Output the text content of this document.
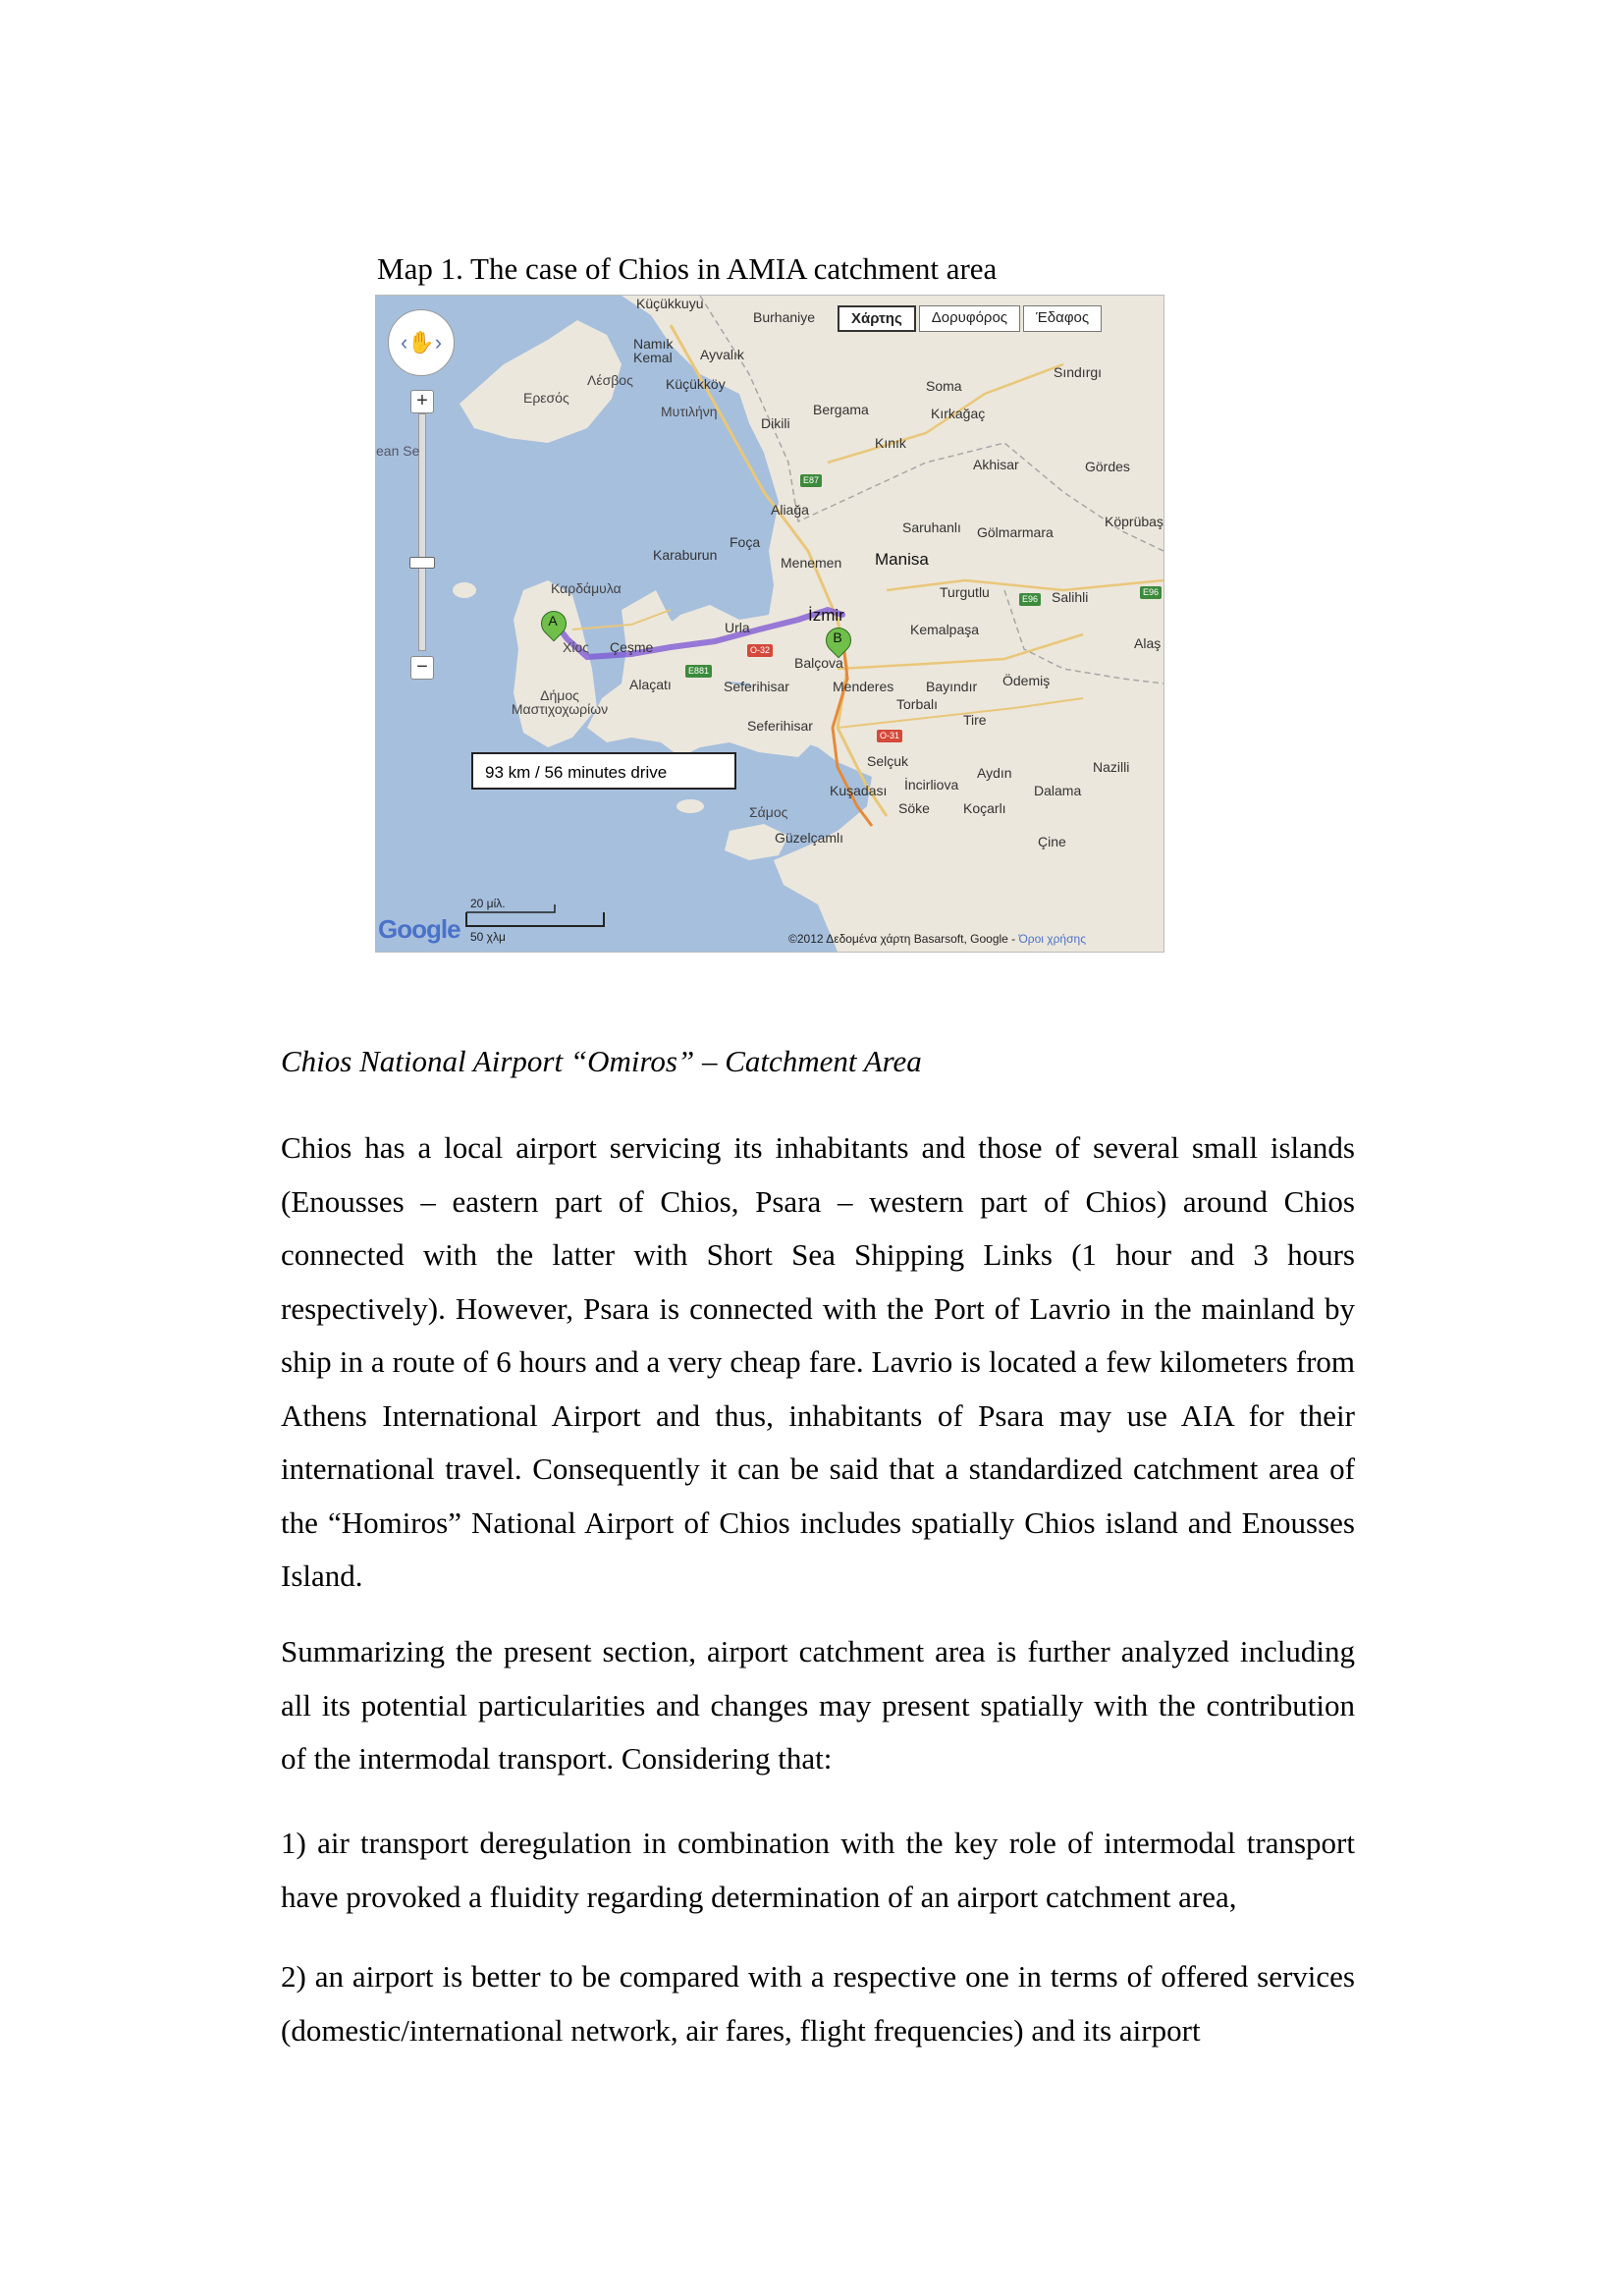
Map 1. The case of Chios in AMIA catchment area
‹✋›
+
−
Χάρτης	Δορυφόρος	Έδαφος
Küçükkuyu
Burhaniye
Namık Kemal	Ayvalık
Λέσβος Küçükköy
Ερεσός
Μυτιλήνη
Dikili
Bergama
Kınık
Soma
Kırkağaç
Sındırgı
Akhisar	Gördes
Aliağa
ean Se
Saruhanlı Gölmarmara
Köprübaş
Foça
Karaburun	Menemen Manisa
Καρδάμυλα
İzmir
Turgutlu	Salihli
Urla	Kemalpaşa
Alaş
Χίος Çeşme
Balçova
Alaçatı	Seferihisar	Menderes Bayındır Ödemiş
Δήμος Μαστιχοχωρίων	Torbalı
Tire
Seferihisar
Selçuk	Nazilli
İncirliova
Aydın
Kuşadası	Dalama
Σάμος	Söke Koçarlı
Güzelçamlı	Çine
E87
O-32
E881
E96
E96
O-31
A
B
93 km / 56 minutes drive
20 μίλ.
50 χλμ
Google	©2012 Δεδομένα χάρτη Basarsoft, Google - Όροι χρήσης
Chios National Airport “Omiros” – Catchment Area

Chios has a local airport servicing its inhabitants and those of several small islands (Enousses – eastern part of Chios, Psara – western part of Chios) around Chios connected with the latter with Short Sea Shipping Links (1 hour and 3 hours respectively). However, Psara is connected with the Port of Lavrio in the mainland by ship in a route of 6 hours and a very cheap fare. Lavrio is located a few kilometers from Athens International Airport and thus, inhabitants of Psara may use AIA for their international travel. Consequently it can be said that a standardized catchment area of the “Homiros” National Airport of Chios includes spatially Chios island and Enousses Island.

Summarizing the present section, airport catchment area is further analyzed including all its potential particularities and changes may present spatially with the contribution of the intermodal transport. Considering that:

1) air transport deregulation in combination with the key role of intermodal transport have provoked a fluidity regarding determination of an airport catchment area,

2) an airport is better to be compared with a respective one in terms of offered services (domestic/international network, air fares, flight frequencies) and its airport
